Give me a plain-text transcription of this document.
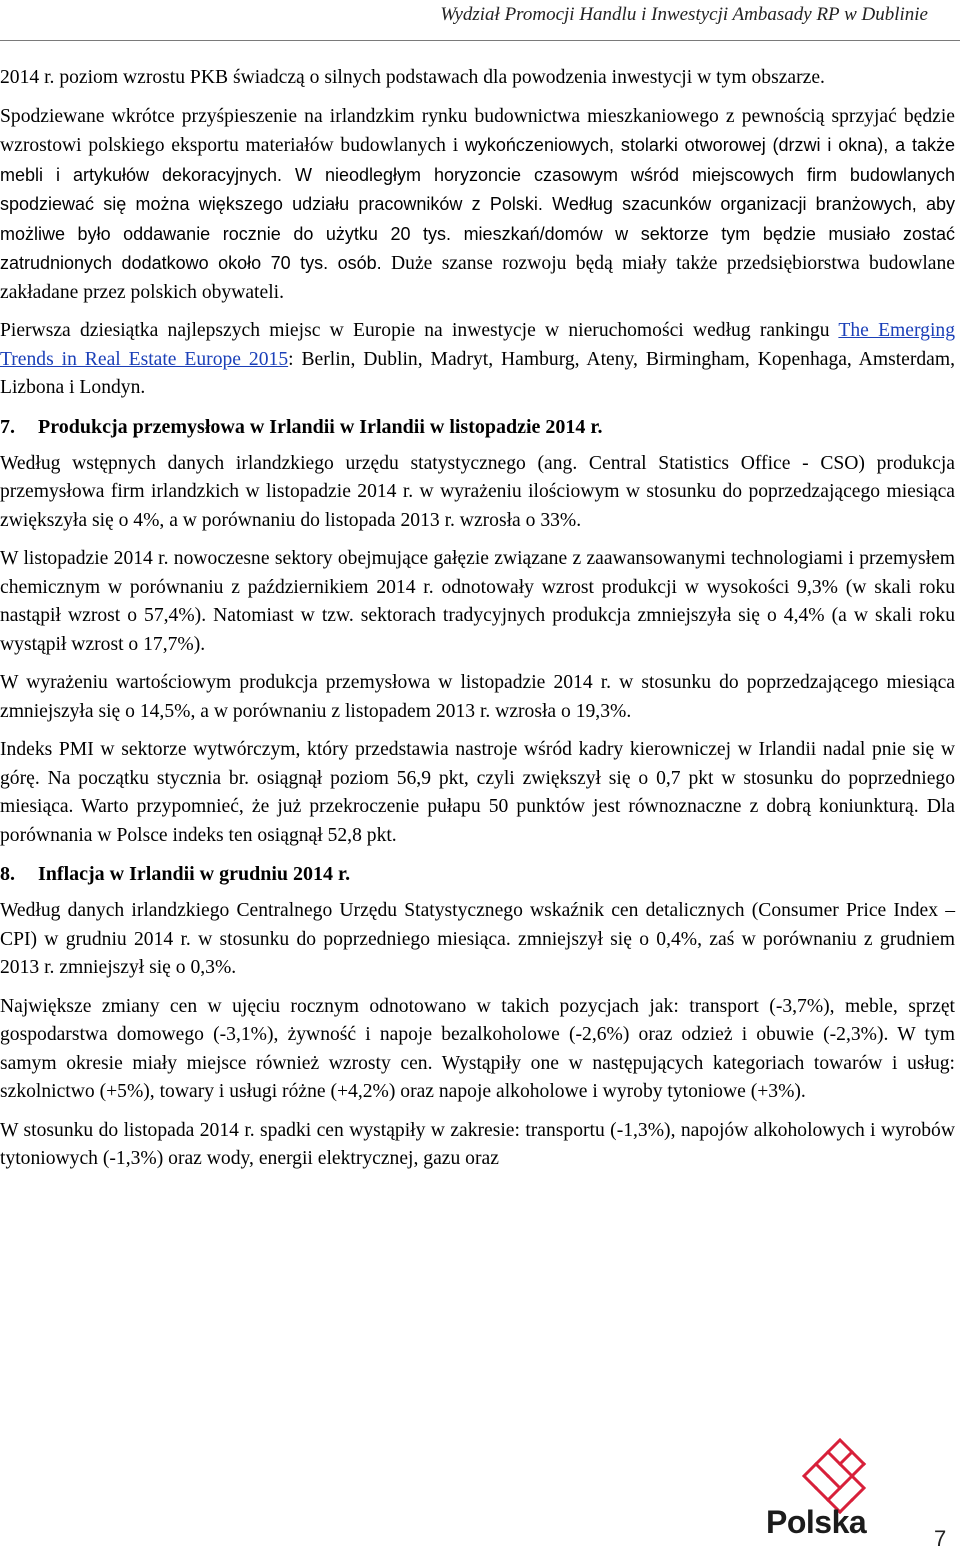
Wydział Promocji Handlu i Inwestycji Ambasady RP w Dublinie

2014 r. poziom wzrostu PKB świadczą o silnych podstawach dla powodzenia inwestycji w tym obszarze.

Spodziewane wkrótce przyśpieszenie na irlandzkim rynku budownictwa mieszkaniowego z pewnością sprzyjać będzie wzrostowi polskiego eksportu materiałów budowlanych i wykończeniowych, stolarki otworowej (drzwi i okna), a także mebli i artykułów dekoracyjnych. W nieodległym horyzoncie czasowym wśród miejscowych firm budowlanych spodziewać się można większego udziału pracowników z Polski. Według szacunków organizacji branżowych, aby możliwe było oddawanie rocznie do użytku 20 tys. mieszkań/domów w sektorze tym będzie musiało zostać zatrudnionych dodatkowo około 70 tys. osób. Duże szanse rozwoju będą miały także przedsiębiorstwa budowlane zakładane przez polskich obywateli.

Pierwsza dziesiątka najlepszych miejsc w Europie na inwestycje w nieruchomości według rankingu The Emerging Trends in Real Estate Europe 2015: Berlin, Dublin, Madryt, Hamburg, Ateny, Birmingham, Kopenhaga, Amsterdam, Lizbona i Londyn.

7. Produkcja przemysłowa w Irlandii w Irlandii w listopadzie 2014 r.

Według wstępnych danych irlandzkiego urzędu statystycznego (ang. Central Statistics Office - CSO) produkcja przemysłowa firm irlandzkich w listopadzie 2014 r. w wyrażeniu ilościowym w stosunku do poprzedzającego miesiąca zwiększyła się o 4%, a w porównaniu do listopada 2013 r. wzrosła o 33%.

W listopadzie 2014 r. nowoczesne sektory obejmujące gałęzie związane z zaawansowanymi technologiami i przemysłem chemicznym w porównaniu z październikiem 2014 r. odnotowały wzrost produkcji w wysokości 9,3% (w skali roku nastąpił wzrost o 57,4%). Natomiast w tzw. sektorach tradycyjnych produkcja zmniejszyła się o 4,4% (a w skali roku wystąpił wzrost o 17,7%).

W wyrażeniu wartościowym produkcja przemysłowa w listopadzie 2014 r. w stosunku do poprzedzającego miesiąca zmniejszyła się o 14,5%, a w porównaniu z listopadem 2013 r. wzrosła o 19,3%.

Indeks PMI w sektorze wytwórczym, który przedstawia nastroje wśród kadry kierowniczej w Irlandii nadal pnie się w górę. Na początku stycznia br. osiągnął poziom 56,9 pkt, czyli zwiększył się o 0,7 pkt w stosunku do poprzedniego miesiąca. Warto przypomnieć, że już przekroczenie pułapu 50 punktów jest równoznaczne z dobrą koniunkturą. Dla porównania w Polsce indeks ten osiągnął 52,8 pkt.

8. Inflacja w Irlandii w grudniu 2014 r.

Według danych irlandzkiego Centralnego Urzędu Statystycznego wskaźnik cen detalicznych (Consumer Price Index – CPI) w grudniu 2014 r. w stosunku do poprzedniego miesiąca. zmniejszył się o 0,4%, zaś w porównaniu z grudniem 2013 r. zmniejszył się o 0,3%.

Największe zmiany cen w ujęciu rocznym odnotowano w takich pozycjach jak: transport (-3,7%), meble, sprzęt gospodarstwa domowego (-3,1%), żywność i napoje bezalkoholowe (-2,6%) oraz odzież i obuwie (-2,3%). W tym samym okresie miały miejsce również wzrosty cen. Wystąpiły one w następujących kategoriach towarów i usług: szkolnictwo (+5%), towary i usługi różne (+4,2%) oraz napoje alkoholowe i wyroby tytoniowe (+3%).

W stosunku do listopada 2014 r. spadki cen wystąpiły w zakresie: transportu (-1,3%), napojów alkoholowych i wyrobów tytoniowych (-1,3%) oraz wody, energii elektrycznej, gazu oraz

Polska	7
